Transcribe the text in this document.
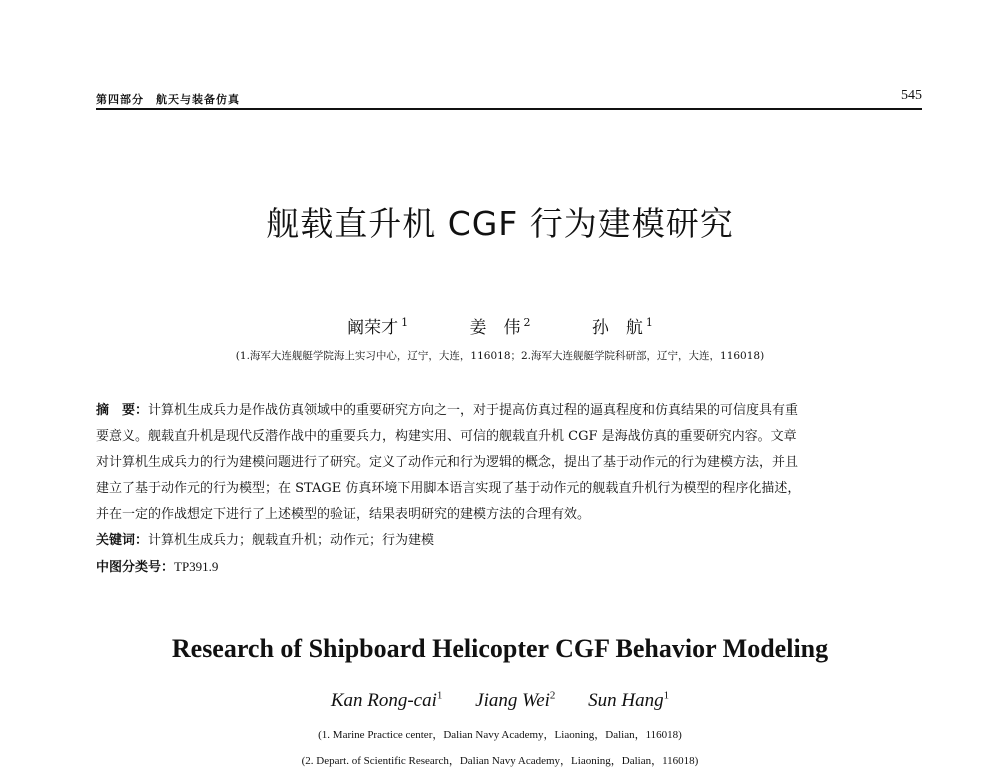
第四部分　航天与装备仿真	545
舰载直升机 CGF 行为建模研究
阚荣才 $^1$	姜　伟 $^2$	孙　航 $^1$
(1.海军大连舰艇学院海上实习中心，辽宁，大连，116018；2.海军大连舰艇学院科研部，辽宁，大连，116018)
摘　要：计算机生成兵力是作战仿真领域中的重要研究方向之一，对于提高仿真过程的逼真程度和仿真结果的可信度具有重
要意义。舰载直升机是现代反潜作战中的重要兵力，构建实用、可信的舰载直升机 CGF 是海战仿真的重要研究内容。文章
对计算机生成兵力的行为建模问题进行了研究。定义了动作元和行为逻辑的概念，提出了基于动作元的行为建模方法，并且
建立了基于动作元的行为模型；在 STAGE 仿真环境下用脚本语言实现了基于动作元的舰载直升机行为模型的程序化描述，
并在一定的作战想定下进行了上述模型的验证，结果表明研究的建模方法的合理有效。
关键词：计算机生成兵力；舰载直升机；动作元；行为建模
中图分类号：TP391.9
Research of Shipboard Helicopter CGF Behavior Modeling
Kan Rong-cai$^1$ Jiang Wei$^2$ Sun Hang$^1$
(1. Marine Practice center，Dalian Navy Academy，Liaoning，Dalian，116018)
(2. Depart. of Scientific Research，Dalian Navy Academy，Liaoning，Dalian，116018)
